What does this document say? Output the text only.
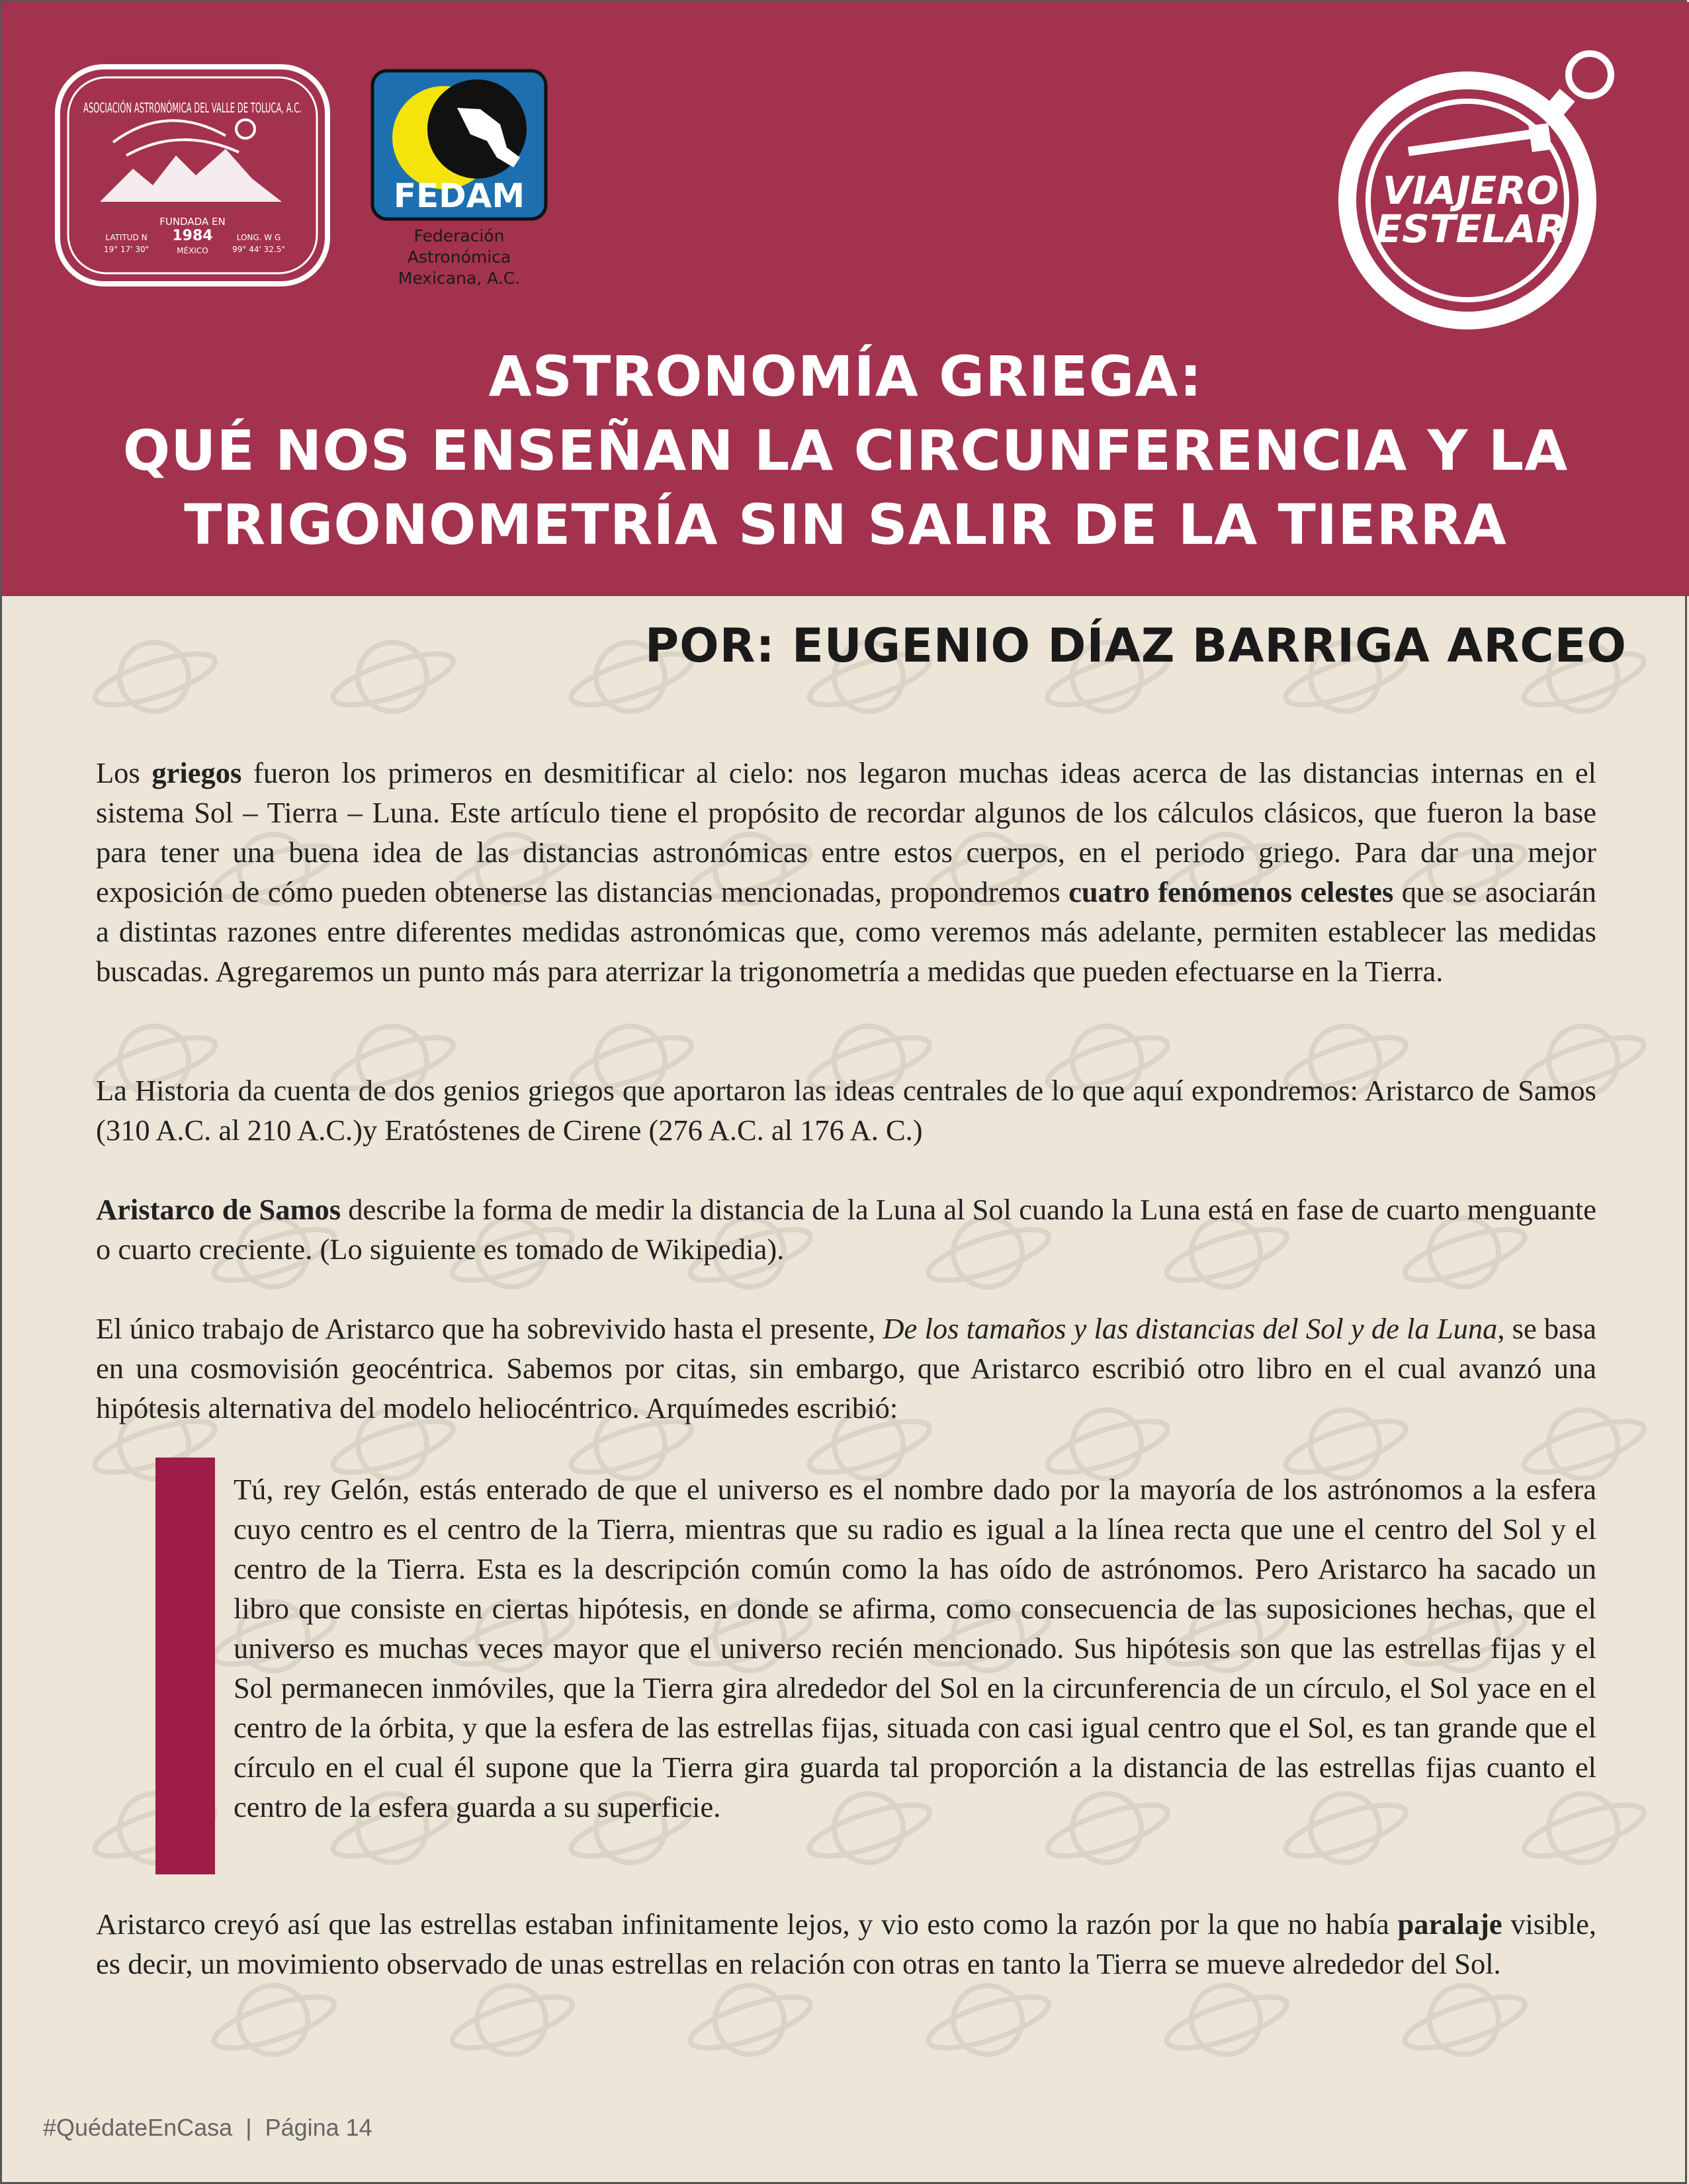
ASOCIACIÓN ASTRONÓMICA DEL VALLE DE TOLUCA, A.C.
FUNDADA EN
1984
MÉXICO
LATITUD N
19° 17' 30"
LONG. W G
99° 44' 32.5"
FEDAM
Federación
Astronómica
Mexicana, A.C.
VIAJERO
ESTELAR
ASTRONOMÍA GRIEGA:
QUÉ NOS ENSEÑAN LA CIRCUNFERENCIA Y LA
TRIGONOMETRÍA SIN SALIR DE LA TIERRA
POR: EUGENIO DÍAZ BARRIGA ARCEO

Los griegos fueron los primeros en desmitificar al cielo: nos legaron muchas ideas acerca de las distancias internas en el sistema Sol – Tierra – Luna. Este artículo tiene el propósito de recordar algunos de los cálculos clásicos, que fueron la base para tener una buena idea de las distancias astronómicas entre estos cuerpos, en el periodo griego. Para dar una mejor exposición de cómo pueden obtenerse las distancias mencionadas, propondremos cuatro fenómenos celestes que se asociarán a distintas razones entre diferentes medidas astronómicas que, como veremos más adelante, permiten establecer las medidas buscadas. Agregaremos un punto más para aterrizar la trigonometría a medidas que pueden efectuarse en la Tierra.

La Historia da cuenta de dos genios griegos que aportaron las ideas centrales de lo que aquí expondremos: Aristarco de Samos (310 A.C. al 210 A.C.)y Eratóstenes de Cirene (276 A.C. al 176 A. C.)

Aristarco de Samos describe la forma de medir la distancia de la Luna al Sol cuando la Luna está en fase de cuarto menguante o cuarto creciente. (Lo siguiente es tomado de Wikipedia).

El único trabajo de Aristarco que ha sobrevivido hasta el presente, De los tamaños y las distancias del Sol y de la Luna, se basa en una cosmovisión geocéntrica. Sabemos por citas, sin embargo, que Aristarco escribió otro libro en el cual avanzó una hipótesis alternativa del modelo heliocéntrico. Arquímedes escribió:

Tú, rey Gelón, estás enterado de que el universo es el nombre dado por la mayoría de los astrónomos a la esfera cuyo centro es el centro de la Tierra, mientras que su radio es igual a la línea recta que une el centro del Sol y el centro de la Tierra. Esta es la descripción común como la has oído de astrónomos. Pero Aristarco ha sacado un libro que consiste en ciertas hipótesis, en donde se afirma, como consecuencia de las suposiciones hechas, que el universo es muchas veces mayor que el universo recién mencionado. Sus hipótesis son que las estrellas fijas y el Sol permanecen inmóviles, que la Tierra gira alrededor del Sol en la circunferencia de un círculo, el Sol yace en el centro de la órbita, y que la esfera de las estrellas fijas, situada con casi igual centro que el Sol, es tan grande que el círculo en el cual él supone que la Tierra gira guarda tal proporción a la distancia de las estrellas fijas cuanto el centro de la esfera guarda a su superficie.

Aristarco creyó así que las estrellas estaban infinitamente lejos, y vio esto como la razón por la que no había paralaje visible, es decir, un movimiento observado de unas estrellas en relación con otras en tanto la Tierra se mueve alrededor del Sol.

#QuédateEnCasa  |  Página 14
